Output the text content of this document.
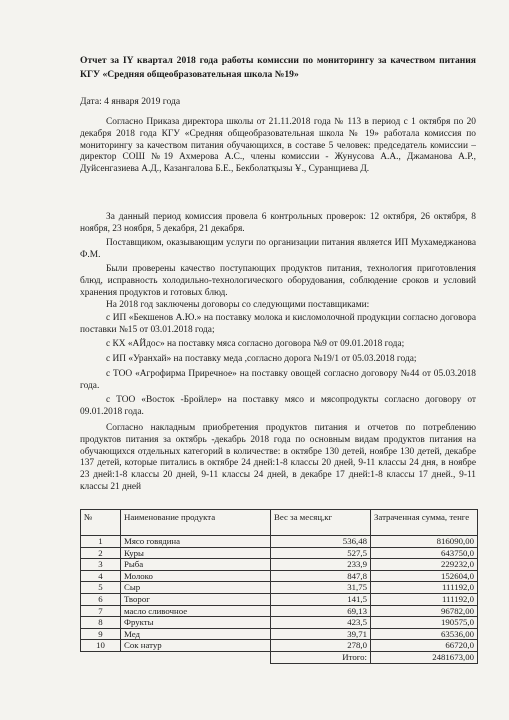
Отчет за IY квартал 2018 года работы комиссии по мониторингу за качеством питания КГУ «Средняя общеобразовательная школа №19»
Дата: 4 января 2019 года
Согласно Приказа директора школы от 21.11.2018 года № 113 в период с 1 октября по 20 декабря 2018 года КГУ «Средняя общеобразовательная школа № 19» работала комиссия по мониторингу за качеством питания обучающихся, в составе 5 человек: председатель комиссии – директор СОШ №19 Ахмерова А.С., члены комиссии - Жунусова А.А., Джаманова А.Р., Дуйсенгазиева А.Д., Казангалова Б.Е., Бекболатқызы Ұ., Суранщиева Д.
За данный период комиссия провела 6 контрольных проверок: 12 октября, 26 октября, 8 ноября, 23 ноября, 5 декабря, 21 декабря.
Поставщиком, оказывающим услуги по организации питания является ИП Мухамеджанова Ф.М.
Были проверены качество поступающих продуктов питания, технология приготовления блюд, исправность холодильно-технологического оборудования, соблюдение сроков и условий хранения продуктов и готовых блюд.
На 2018 год заключены договоры со следующими поставщиками:
с ИП «Бекшенов А.Ю.» на поставку молока и кисломолочной продукции согласно договора поставки №15 от 03.01.2018 года;
с КХ «АЙдос» на поставку мяса согласно договора №9 от 09.01.2018 года;
с ИП «Уранхай» на поставку меда ,согласно дорога №19/1 от 05.03.2018 года;
с ТОО «Агрофирма Приречное» на поставку овощей согласно договору №44 от 05.03.2018 года.
с ТОО «Восток -Бройлер» на поставку мясо и мясопродукты согласно договору от 09.01.2018 года.
Согласно накладным приобретения продуктов питания и отчетов по потреблению продуктов питания за октябрь -декабрь 2018 года по основным видам продуктов питания на обучающихся отдельных категорий в количестве: в октябре 130 детей, ноябре 130 детей, декабре 137 детей, которые питались в октябре 24 дней:1-8 классы 20 дней, 9-11 классы 24 дня, в ноябре 23 дней:1-8 классы 20 дней, 9-11 классы 24 дней, в декабре 17 дней:1-8 классы 17 дней., 9-11 классы 21 дней
№	Наименование продукта	Вес за месяц,кг	Затраченная сумма, тенге
1	Мясо говядина	536,48	816090,00
2	Куры	527,5	643750,0
3	Рыба	233,9	229232,0
4	Молоко	847,8	152604,0
5	Сыр	31,75	111192,0
6	Творог	141,5	111192,0
7	масло сливочное	69,13	96782,00
8	Фрукты	423,5	190575,0
9	Мед	39,71	63536,00
10	Сок натур	278,0	66720,0
		Итого:	2481673,00
